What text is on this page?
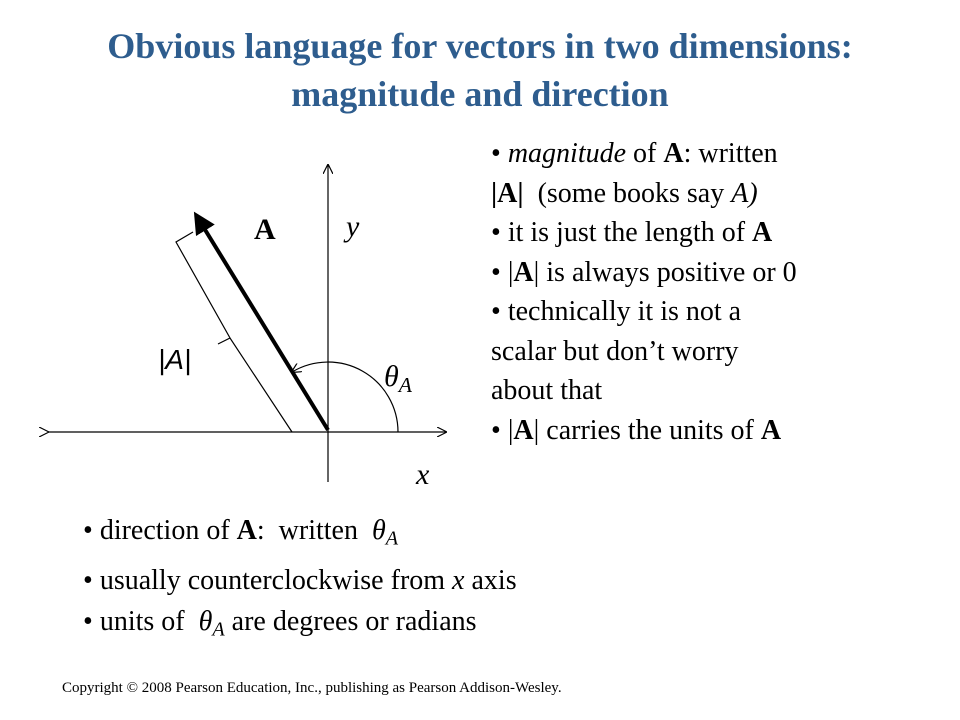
Obvious language for vectors in two dimensions:
magnitude and direction
A y
x
|A|
$\theta_A$
• magnitude of A: written
|A|  (some books say A)
• it is just the length of A
• |A| is always positive or 0
• technically it is not a
scalar but don’t worry
about that
• |A| carries the units of A
• direction of A:  written  $\theta_A$
• usually counterclockwise from x axis
• units of  $\theta_A$ are degrees or radians
Copyright © 2008 Pearson Education, Inc., publishing as Pearson Addison-Wesley.
